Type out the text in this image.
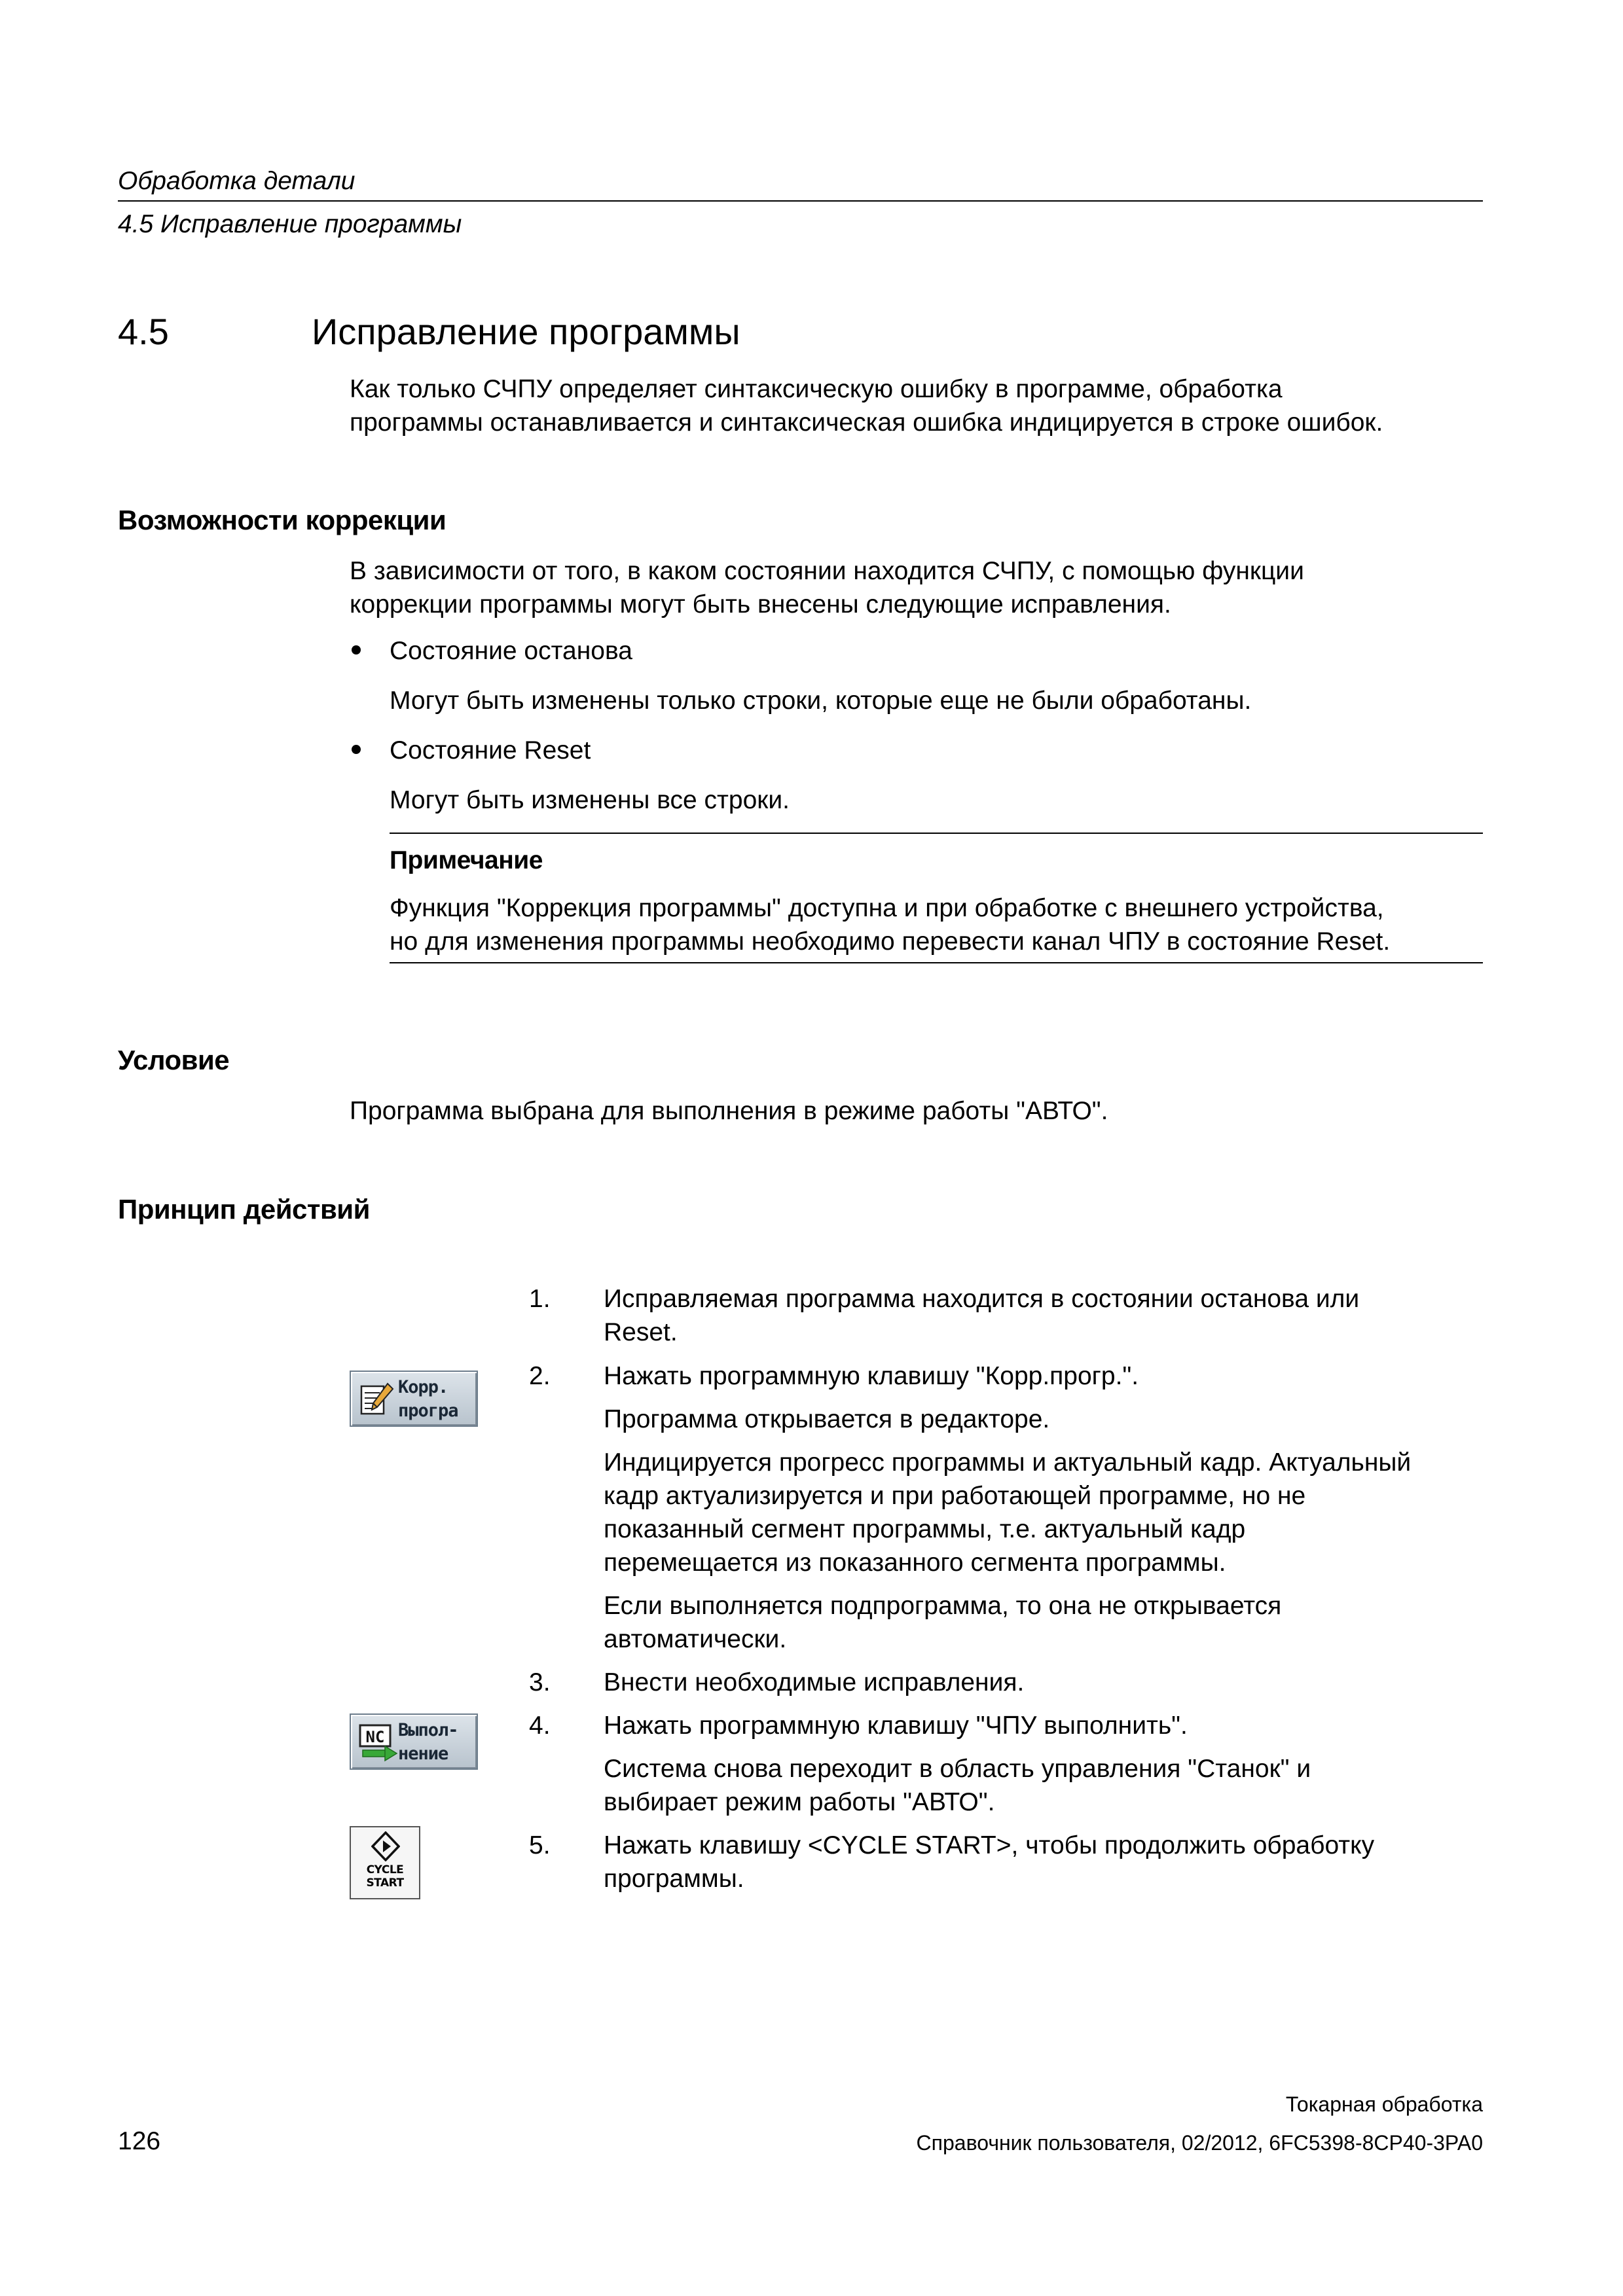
Обработка детали
4.5 Исправление программы
4.5	Исправление программы
Как только СЧПУ определяет синтаксическую ошибку в программе, обработка
программы останавливается и синтаксическая ошибка индицируется в строке ошибок.
Возможности коррекции
В зависимости от того, в каком состоянии находится СЧПУ, с помощью функции
коррекции программы могут быть внесены следующие исправления.
Состояние останова
Могут быть изменены только строки, которые еще не были обработаны.
Состояние Reset
Могут быть изменены все строки.
Примечание
Функция "Коррекция программы" доступна и при обработке с внешнего устройства,
но для изменения программы необходимо перевести канал ЧПУ в состояние Reset.
Условие
Программа выбрана для выполнения в режиме работы "АВТО".
Принцип действий
1.	Исправляемая программа находится в состоянии останова или
Reset.
2.	Нажать программную клавишу "Корр.прогр.".
Программа открывается в редакторе.
Индицируется прогресс программы и актуальный кадр. Актуальный
кадр актуализируется и при работающей программе, но не
показанный сегмент программы, т.е. актуальный кадр
перемещается из показанного сегмента программы.
Если выполняется подпрограмма, то она не открывается
автоматически.
3.	Внести необходимые исправления.
4.	Нажать программную клавишу "ЧПУ выполнить".
Система снова переходит в область управления "Станок" и
выбирает режим работы "АВТО".
5.	Нажать клавишу <CYCLE START>, чтобы продолжить обработку
программы.
Корр.
програ
NC Выпол-
нение
CYCLE
START
Токарная обработка
126	Справочник пользователя, 02/2012, 6FC5398-8CP40-3PA0
